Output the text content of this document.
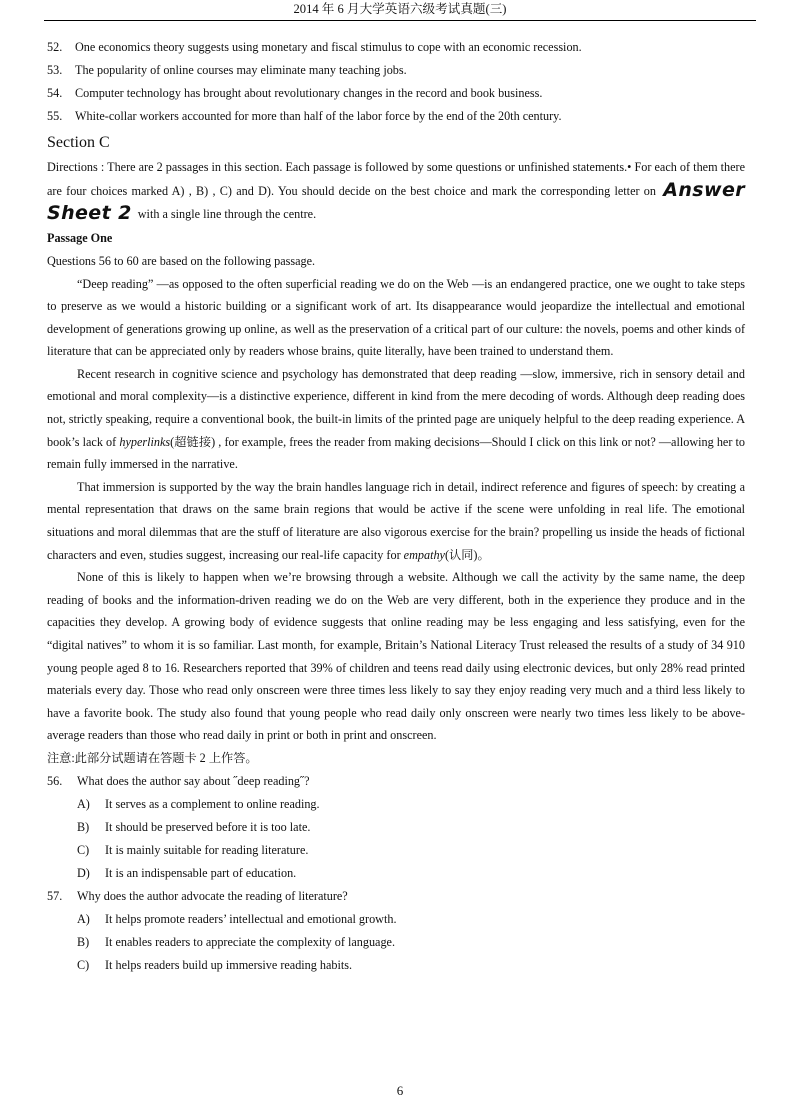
2014 年 6 月大学英语六级考试真题(三)
52.	One economics theory suggests using monetary and fiscal stimulus to cope with an economic recession.
53.	The popularity of online courses may eliminate many teaching jobs.
54.	Computer technology has brought about revolutionary changes in the record and book business.
55.	White-collar workers accounted for more than half of the labor force by the end of the 20th century.
Section C
Directions : There are 2 passages in this section. Each passage is followed by some questions or unfinished statements.• For each of them there are four choices marked A) , B) , C) and D). You should decide on the best choice and mark the corresponding letter on Answer Sheet 2 with a single line through the centre.
Passage One
Questions 56 to 60 are based on the following passage.
“Deep reading” —as opposed to the often superficial reading we do on the Web —is an endangered practice, one we ought to take steps to preserve as we would a historic building or a significant work of art. Its disappearance would jeopardize the intellectual and emotional development of generations growing up online, as well as the preservation of a critical part of our culture: the novels, poems and other kinds of literature that can be appreciated only by readers whose brains, quite literally, have been trained to understand them.
Recent research in cognitive science and psychology has demonstrated that deep reading —slow, immersive, rich in sensory detail and emotional and moral complexity—is a distinctive experience, different in kind from the mere decoding of words. Although deep reading does not, strictly speaking, require a conventional book, the built-in limits of the printed page are uniquely helpful to the deep reading experience. A book’s lack of hyperlinks(超链接) , for example, frees the reader from making decisions—Should I click on this link or not? —allowing her to remain fully immersed in the narrative.
That immersion is supported by the way the brain handles language rich in detail, indirect reference and figures of speech: by creating a mental representation that draws on the same brain regions that would be active if the scene were unfolding in real life. The emotional situations and moral dilemmas that are the stuff of literature are also vigorous exercise for the brain? propelling us inside the heads of fictional characters and even, studies suggest, increasing our real-life capacity for empathy(认同)。
None of this is likely to happen when we’re browsing through a website. Although we call the activity by the same name, the deep reading of books and the information-driven reading we do on the Web are very different, both in the experience they produce and in the capacities they develop. A growing body of evidence suggests that online reading may be less engaging and less satisfying, even for the “digital natives” to whom it is so familiar. Last month, for example, Britain’s National Literacy Trust released the results of a study of 34 910 young people aged 8 to 16. Researchers reported that 39% of children and teens read daily using electronic devices, but only 28% read printed materials every day. Those who read only onscreen were three times less likely to say they enjoy reading very much and a third less likely to have a favorite book. The study also found that young people who read daily only onscreen were nearly two times less likely to be above-average readers than those who read daily in print or both in print and onscreen.
注意:此部分试题请在答题卡 2 上作答。
56.	What does the author say about ˝deep reading˝?
A)	It serves as a complement to online reading.
B)	It should be preserved before it is too late.
C)	It is mainly suitable for reading literature.
D)	It is an indispensable part of education.
57.	Why does the author advocate the reading of literature?
A)	It helps promote readers’ intellectual and emotional growth.
B)	It enables readers to appreciate the complexity of language.
C)	It helps readers build up immersive reading habits.
6
